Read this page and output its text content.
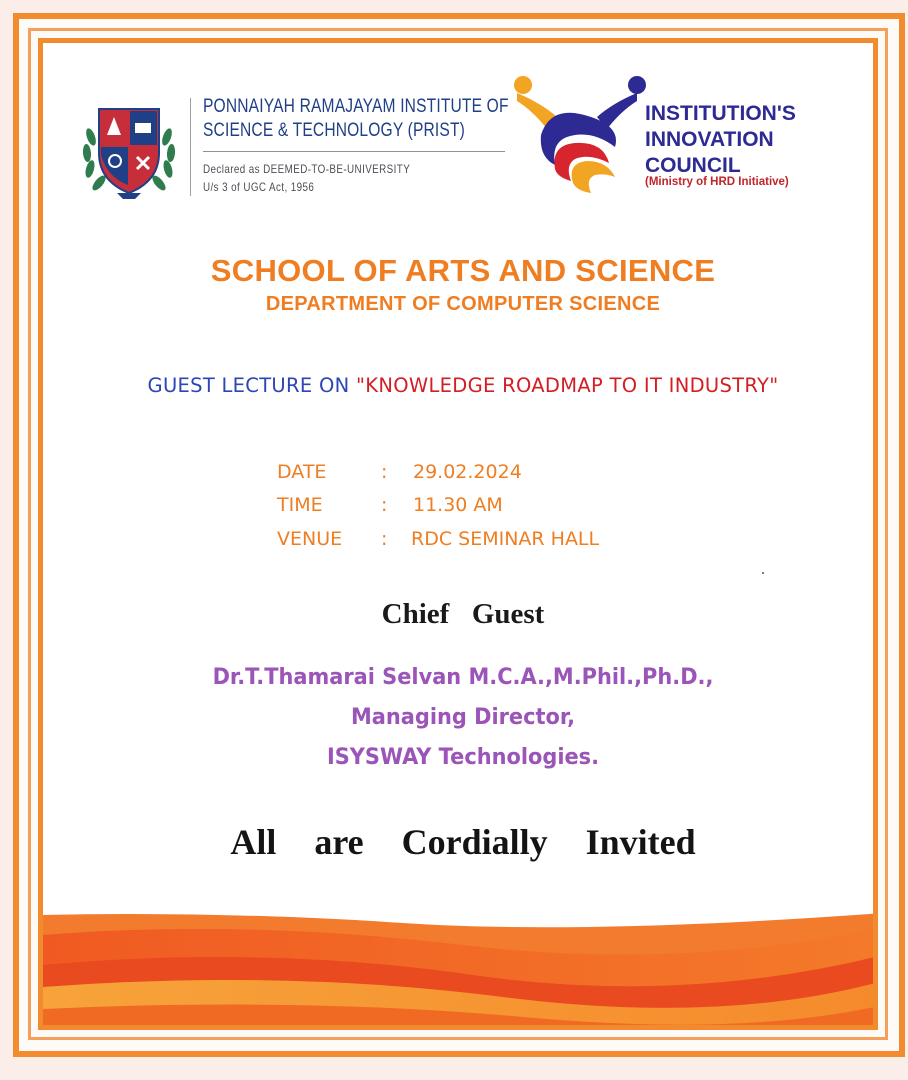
PONNAIYAH RAMAJAYAM INSTITUTE OF
SCIENCE & TECHNOLOGY (PRIST)
Declared as DEEMED-TO-BE-UNIVERSITY
U/s 3 of UGC Act, 1956
INSTITUTION'S
INNOVATION
COUNCIL
(Ministry of HRD Initiative)
SCHOOL OF ARTS AND SCIENCE
DEPARTMENT OF COMPUTER SCIENCE
GUEST LECTURE ON "KNOWLEDGE ROADMAP TO IT INDUSTRY"
DATE	: 29.02.2024
TIME	: 11.30 AM
VENUE : RDC SEMINAR HALL
Chief  Guest
Dr.T.Thamarai Selvan M.C.A.,M.Phil.,Ph.D.,
Managing Director,
ISYSWAY Technologies.
All  are  Cordially  Invited
